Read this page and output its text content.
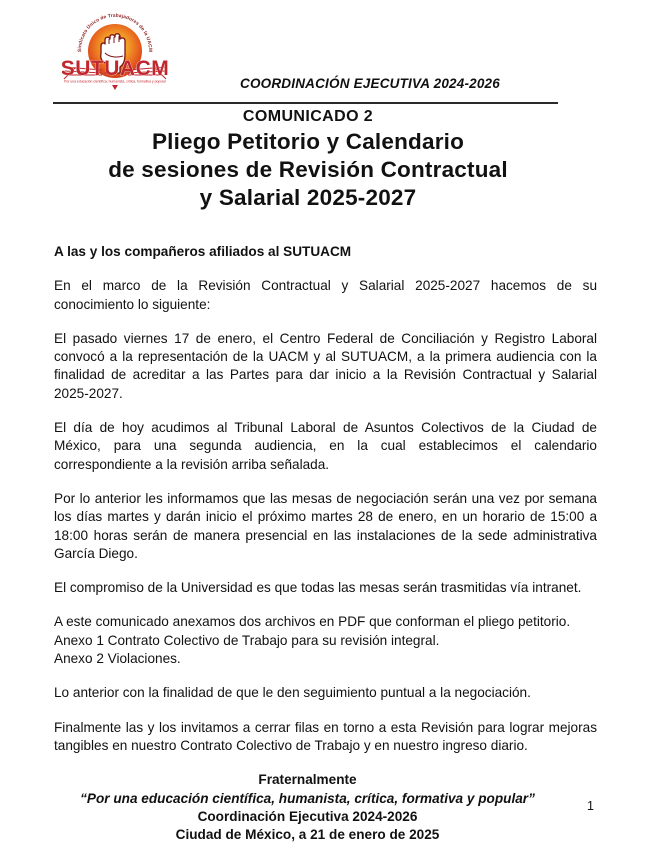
Sindicato Único de Trabajadores de la UACM
SUTUACM
Por una educación científica, humanista, crítica, formativa y popular	COORDINACIÓN EJECUTIVA 2024-2026
COMUNICADO 2
Pliego Petitorio y Calendario
de sesiones de Revisión Contractual
y Salarial 2025-2027

A las y los compañeros afiliados al SUTUACM

En el marco de la Revisión Contractual y Salarial 2025-2027 hacemos de su conocimiento lo siguiente:

El pasado viernes 17 de enero, el Centro Federal de Conciliación y Registro Laboral convocó a la representación de la UACM y al SUTUACM, a la primera audiencia con la finalidad de acreditar a las Partes para dar inicio a la Revisión Contractual y Salarial 2025-2027.

El día de hoy acudimos al Tribunal Laboral de Asuntos Colectivos de la Ciudad de México, para una segunda audiencia, en la cual establecimos el calendario correspondiente a la revisión arriba señalada.

Por lo anterior les informamos que las mesas de negociación serán una vez por semana los días martes y darán inicio el próximo martes 28 de enero, en un horario de 15:00 a 18:00 horas serán de manera presencial en las instalaciones de la sede administrativa García Diego.

El compromiso de la Universidad es que todas las mesas serán trasmitidas vía intranet.

A este comunicado anexamos dos archivos en PDF que conforman el pliego petitorio.
Anexo 1 Contrato Colectivo de Trabajo para su revisión integral.
Anexo 2 Violaciones.

Lo anterior con la finalidad de que le den seguimiento puntual a la negociación.

Finalmente las y los invitamos a cerrar filas en torno a esta Revisión para lograr mejoras tangibles en nuestro Contrato Colectivo de Trabajo y en nuestro ingreso diario.

Fraternalmente
“Por una educación científica, humanista, crítica, formativa y popular”
Coordinación Ejecutiva 2024-2026
Ciudad de México, a 21 de enero de 2025
1
